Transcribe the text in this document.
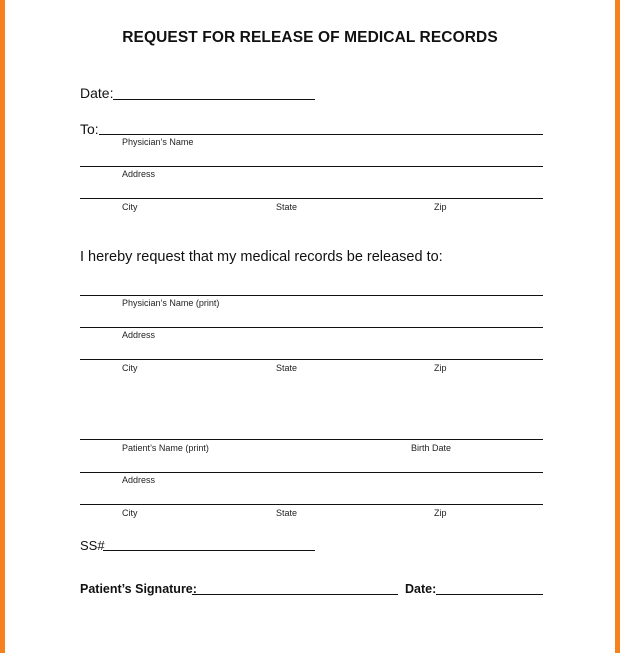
REQUEST FOR RELEASE OF MEDICAL RECORDS
Date:
To:
Physician’s Name
Address
City	State	Zip
I hereby request that my medical records be released to:
Physician’s Name (print)
Address
City	State	Zip
Patient’s Name (print)	Birth Date
Address
City	State	Zip
SS#
Patient’s Signature:	Date:
